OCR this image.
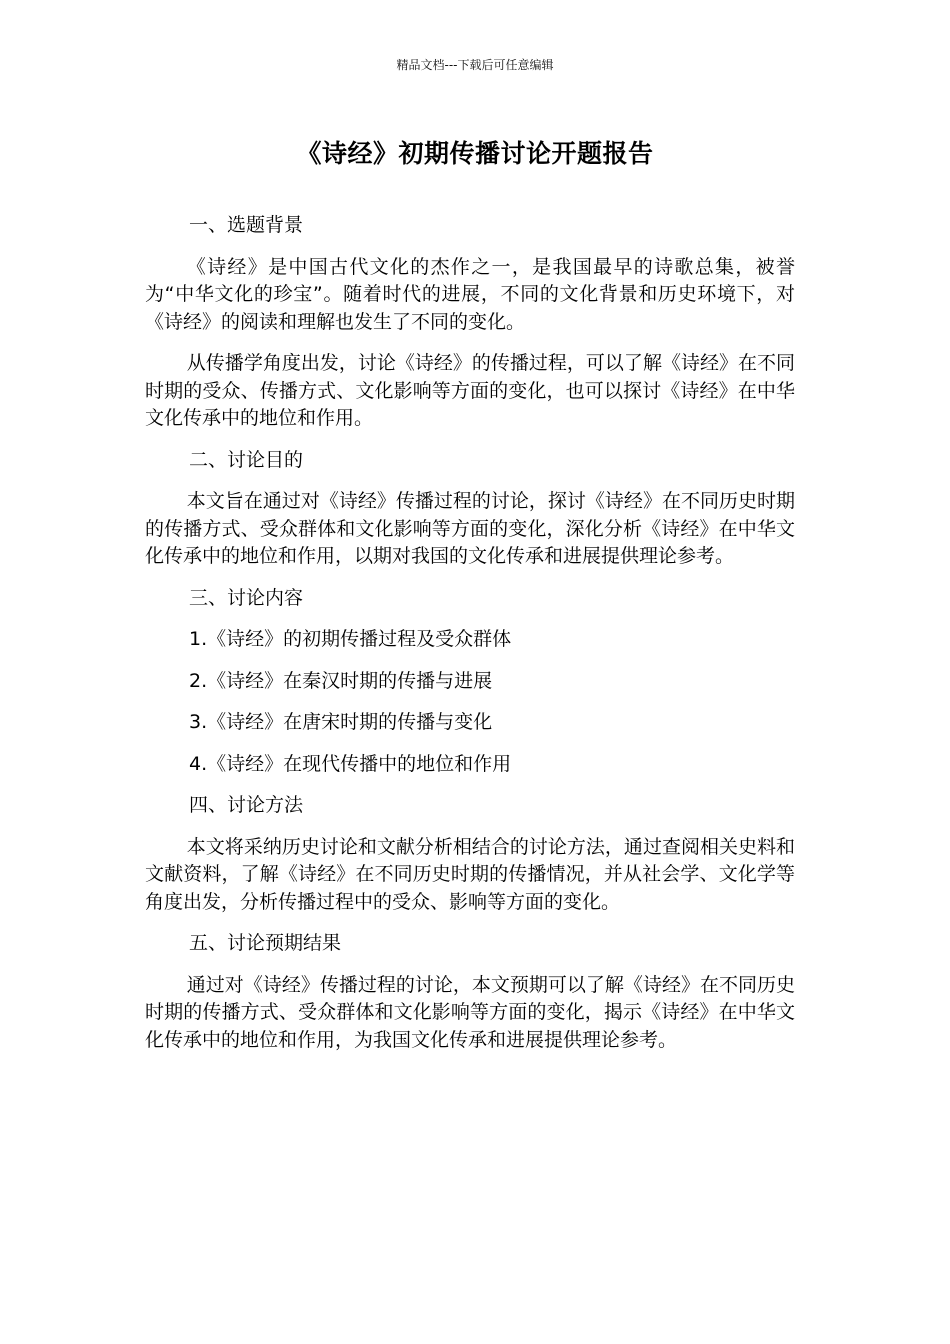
精品文档---下载后可任意编辑
《诗经》初期传播讨论开题报告

一、选题背景

《诗经》是中国古代文化的杰作之一，是我国最早的诗歌总集，被誉为“中华文化的珍宝”。随着时代的进展，不同的文化背景和历史环境下，对《诗经》的阅读和理解也发生了不同的变化。

从传播学角度出发，讨论《诗经》的传播过程，可以了解《诗经》在不同时期的受众、传播方式、文化影响等方面的变化，也可以探讨《诗经》在中华文化传承中的地位和作用。

二、讨论目的

本文旨在通过对《诗经》传播过程的讨论，探讨《诗经》在不同历史时期的传播方式、受众群体和文化影响等方面的变化，深化分析《诗经》在中华文化传承中的地位和作用，以期对我国的文化传承和进展提供理论参考。

三、讨论内容

1.《诗经》的初期传播过程及受众群体

2.《诗经》在秦汉时期的传播与进展

3.《诗经》在唐宋时期的传播与变化

4.《诗经》在现代传播中的地位和作用

四、讨论方法

本文将采纳历史讨论和文献分析相结合的讨论方法，通过查阅相关史料和文献资料，了解《诗经》在不同历史时期的传播情况，并从社会学、文化学等角度出发，分析传播过程中的受众、影响等方面的变化。

五、讨论预期结果

通过对《诗经》传播过程的讨论，本文预期可以了解《诗经》在不同历史时期的传播方式、受众群体和文化影响等方面的变化，揭示《诗经》在中华文化传承中的地位和作用，为我国文化传承和进展提供理论参考。
